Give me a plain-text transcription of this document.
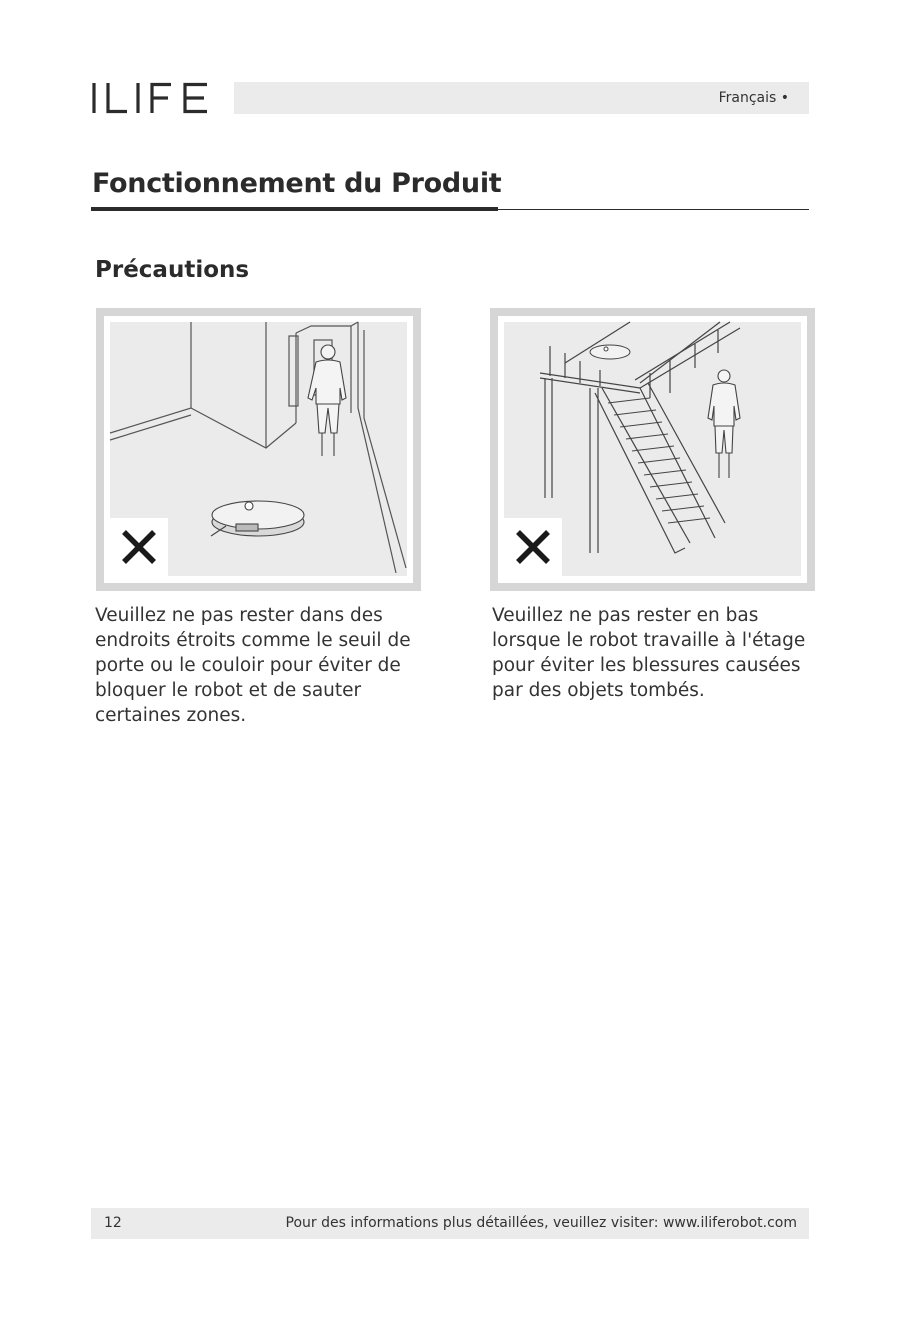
Français •
Fonctionnement du Produit
Précautions

Veuillez ne pas rester dans des endroits étroits comme le seuil de porte ou le couloir pour éviter de bloquer le robot et de sauter certaines zones.

Veuillez ne pas rester en bas lorsque le robot travaille à l'étage pour éviter les blessures causées par des objets tombés.

12	Pour des informations plus détaillées, veuillez visiter: www.iliferobot.com
